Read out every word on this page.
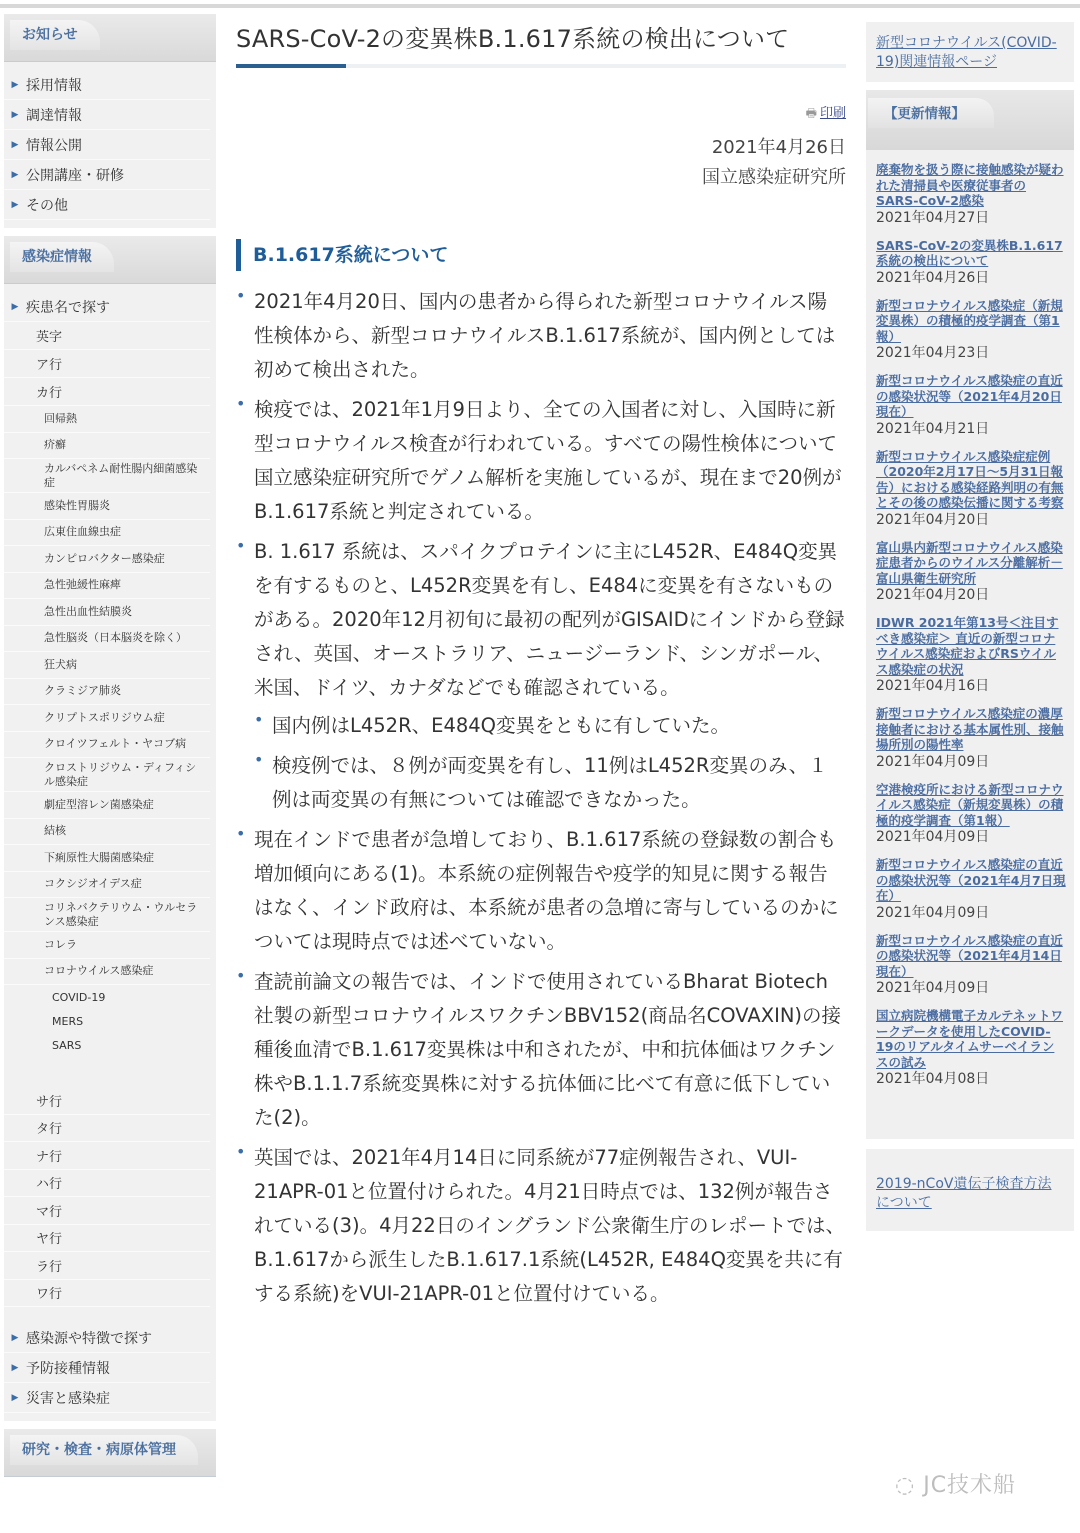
お知らせ
▶ 採用情報
▶ 調達情報
▶ 情報公開
▶ 公開講座・研修
▶ その他
感染症情報
▶ 疾患名で探す
英字
ア行
カ行
回帰熱
疥癬
カルバペネム耐性腸内細菌感染症
感染性胃腸炎
広東住血線虫症
カンピロバクター感染症
急性弛緩性麻痺
急性出血性結膜炎
急性脳炎（日本脳炎を除く）
狂犬病
クラミジア肺炎
クリプトスポリジウム症
クロイツフェルト・ヤコブ病
クロストリジウム・ディフィシル感染症
劇症型溶レン菌感染症
結核
下痢原性大腸菌感染症
コクシジオイデス症
コリネバクテリウム・ウルセランス感染症
コレラ
コロナウイルス感染症
COVID-19
MERS
SARS
サ行
タ行
ナ行
ハ行
マ行
ヤ行
ラ行
ワ行
▶ 感染源や特徴で探す
▶ 予防接種情報
▶ 災害と感染症
研究・検査・病原体管理
SARS-CoV-2の変異株B.1.617系統の検出について
🖶 印刷
2021年4月26日
国立感染症研究所
B.1.617系統について
• 2021年4月20日、国内の患者から得られた新型コロナウイルス陽性検体から、新型コロナウイルスB.1.617系統が、国内例としては初めて検出された。
• 検疫では、2021年1月9日より、全ての入国者に対し、入国時に新型コロナウイルス検査が行われている。すべての陽性検体について国立感染症研究所でゲノム解析を実施しているが、現在まで20例がB.1.617系統と判定されている。
• B. 1.617 系統は、スパイクプロテインに主にL452R、E484Q変異を有するものと、L452R変異を有し、E484に変異を有さないものがある。2020年12月初旬に最初の配列がGISAIDにインドから登録され、英国、オーストラリア、ニュージーランド、シンガポール、米国、ドイツ、カナダなどでも確認されている。
• 国内例はL452R、E484Q変異をともに有していた。
• 検疫例では、８例が両変異を有し、11例はL452R変異のみ、１例は両変異の有無については確認できなかった。
• 現在インドで患者が急増しており、B.1.617系統の登録数の割合も増加傾向にある(1)。本系統の症例報告や疫学的知見に関する報告はなく、インド政府は、本系統が患者の急増に寄与しているのかについては現時点では述べていない。
• 査読前論文の報告では、インドで使用されているBharat Biotech 社製の新型コロナウイルスワクチンBBV152(商品名COVAXIN)の接種後血清でB.1.617変異株は中和されたが、中和抗体価はワクチン株やB.1.1.7系統変異株に対する抗体価に比べて有意に低下していた(2)。
• 英国では、2021年4月14日に同系統が77症例報告され、VUI-21APR-01と位置付けられた。4月21日時点では、132例が報告されている(3)。4月22日のイングランド公衆衛生庁のレポートでは、B.1.617から派生したB.1.617.1系統(L452R, E484Q変異を共に有する系統)をVUI-21APR-01と位置付けている。
新型コロナウイルス(COVID-19)関連情報ページ
【更新情報】
廃棄物を扱う際に接触感染が疑われた清掃員や医療従事者のSARS-CoV-2感染
2021年04月27日
SARS-CoV-2の変異株B.1.617系統の検出について
2021年04月26日
新型コロナウイルス感染症（新規変異株）の積極的疫学調査（第1報）
2021年04月23日
新型コロナウイルス感染症の直近の感染状況等（2021年4月20日現在）
2021年04月21日
新型コロナウイルス感染症症例（2020年2月17日～5月31日報告）における感染経路判明の有無とその後の感染伝播に関する考察
2021年04月20日
富山県内新型コロナウイルス感染症患者からのウイルス分離解析－富山県衛生研究所
2021年04月20日
IDWR 2021年第13号＜注目すべき感染症＞ 直近の新型コロナウイルス感染症およびRSウイルス感染症の状況
2021年04月16日
新型コロナウイルス感染症の濃厚接触者における基本属性別、接触場所別の陽性率
2021年04月09日
空港検疫所における新型コロナウイルス感染症（新規変異株）の積極的疫学調査（第1報）
2021年04月09日
新型コロナウイルス感染症の直近の感染状況等（2021年4月7日現在）
2021年04月09日
新型コロナウイルス感染症の直近の感染状況等（2021年4月14日現在）
2021年04月09日
国立病院機構電子カルテネットワークデータを使用したCOVID-19のリアルタイムサーベイランスの試み
2021年04月08日
2019-nCoV遺伝子検査方法について
◌ JC技术船
